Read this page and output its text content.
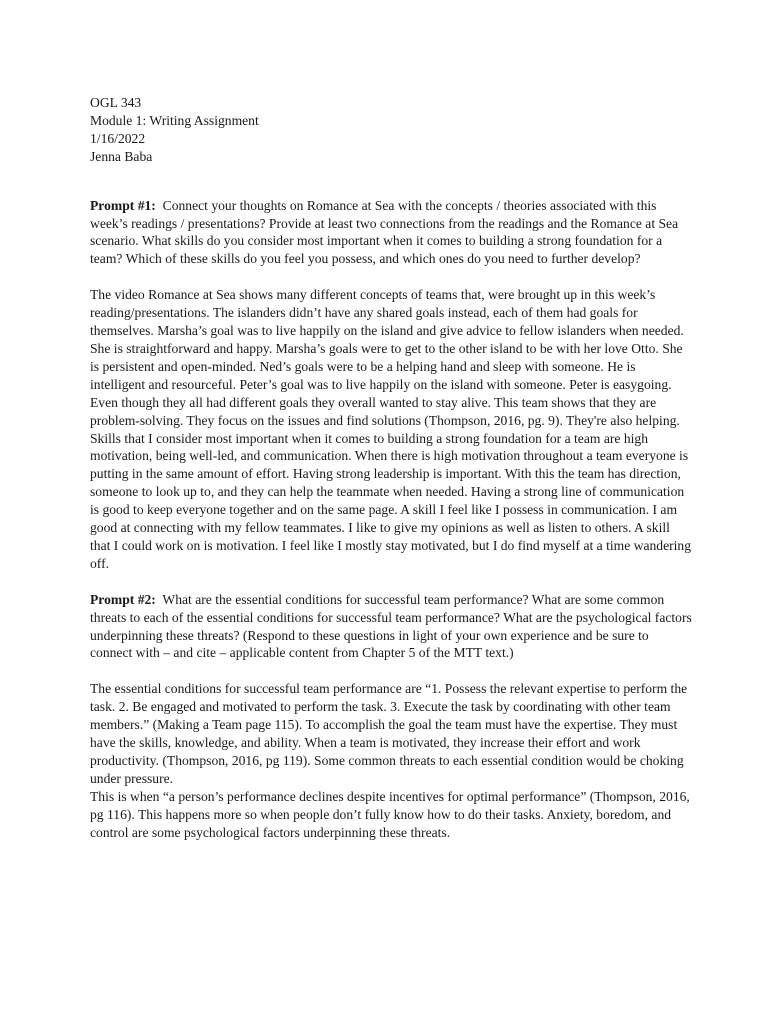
OGL 343
Module 1: Writing Assignment
1/16/2022
Jenna Baba

Prompt #1: Connect your thoughts on Romance at Sea with the concepts / theories associated with this week’s readings / presentations? Provide at least two connections from the readings and the Romance at Sea scenario. What skills do you consider most important when it comes to building a strong foundation for a team? Which of these skills do you feel you possess, and which ones do you need to further develop?

The video Romance at Sea shows many different concepts of teams that, were brought up in this week’s reading/presentations. The islanders didn’t have any shared goals instead, each of them had goals for themselves. Marsha’s goal was to live happily on the island and give advice to fellow islanders when needed. She is straightforward and happy. Marsha’s goals were to get to the other island to be with her love Otto. She is persistent and open-minded. Ned’s goals were to be a helping hand and sleep with someone. He is intelligent and resourceful. Peter’s goal was to live happily on the island with someone. Peter is easygoing. Even though they all had different goals they overall wanted to stay alive. This team shows that they are problem-solving. They focus on the issues and find solutions (Thompson, 2016, pg. 9). They're also helping.

Skills that I consider most important when it comes to building a strong foundation for a team are high motivation, being well-led, and communication. When there is high motivation throughout a team everyone is putting in the same amount of effort. Having strong leadership is important. With this the team has direction, someone to look up to, and they can help the teammate when needed. Having a strong line of communication is good to keep everyone together and on the same page. A skill I feel like I possess in communication. I am good at connecting with my fellow teammates. I like to give my opinions as well as listen to others. A skill that I could work on is motivation. I feel like I mostly stay motivated, but I do find myself at a time wandering off.

Prompt #2: What are the essential conditions for successful team performance? What are some common threats to each of the essential conditions for successful team performance? What are the psychological factors underpinning these threats? (Respond to these questions in light of your own experience and be sure to connect with – and cite – applicable content from Chapter 5 of the MTT text.)

The essential conditions for successful team performance are “1. Possess the relevant expertise to perform the task. 2. Be engaged and motivated to perform the task. 3. Execute the task by coordinating with other team members.” (Making a Team page 115). To accomplish the goal the team must have the expertise. They must have the skills, knowledge, and ability. When a team is motivated, they increase their effort and work productivity. (Thompson, 2016, pg 119). Some common threats to each essential condition would be choking under pressure.

This is when “a person’s performance declines despite incentives for optimal performance” (Thompson, 2016, pg 116). This happens more so when people don’t fully know how to do their tasks. Anxiety, boredom, and control are some psychological factors underpinning these threats.
